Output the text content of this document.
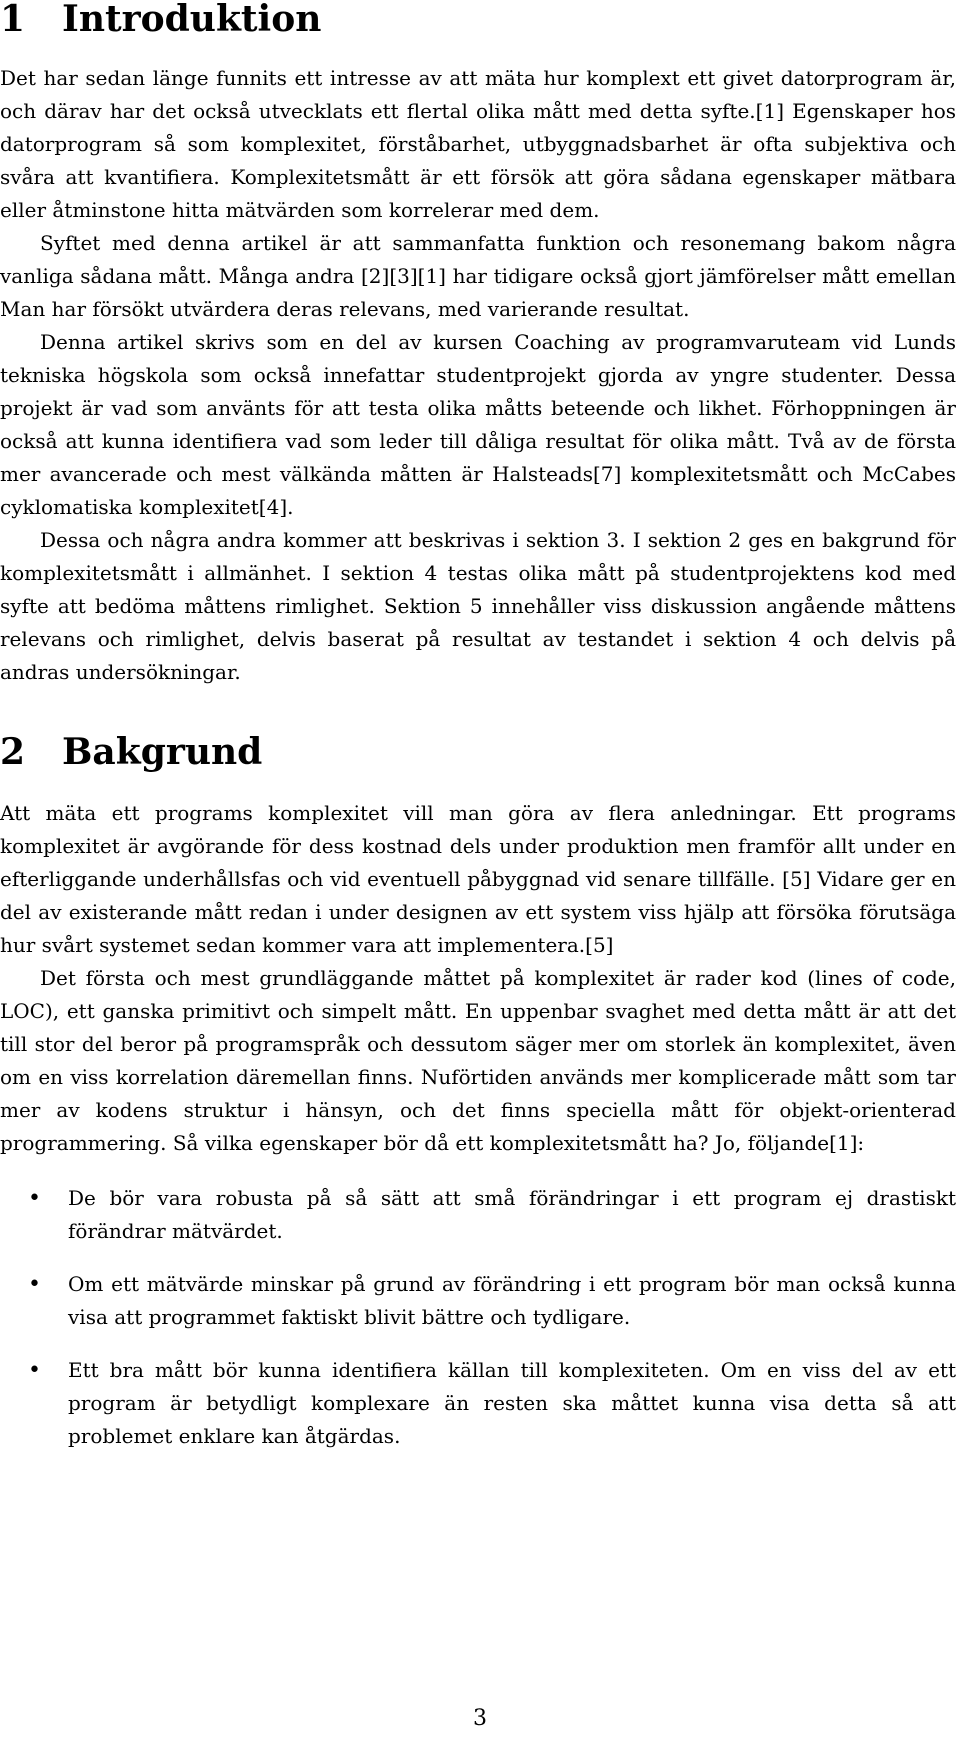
1 Introduktion

Det har sedan länge funnits ett intresse av att mäta hur komplext ett givet datorprogram är, och därav har det också utvecklats ett flertal olika mått med detta syfte.[1] Egenskaper hos datorprogram så som komplexitet, förståbarhet, utbyggnadsbarhet är ofta subjektiva och svåra att kvantifiera. Komplexitetsmått är ett försök att göra sådana egenskaper mätbara eller åtminstone hitta mätvärden som korrelerar med dem.

Syftet med denna artikel är att sammanfatta funktion och resonemang bakom några vanliga sådana mått. Många andra [2][3][1] har tidigare också gjort jämförelser mått emellan Man har försökt utvärdera deras relevans, med varierande resultat.

Denna artikel skrivs som en del av kursen Coaching av programvaruteam vid Lunds tekniska högskola som också innefattar studentprojekt gjorda av yngre studenter. Dessa projekt är vad som använts för att testa olika måtts beteende och likhet. Förhoppningen är också att kunna identifiera vad som leder till dåliga resultat för olika mått. Två av de första mer avancerade och mest välkända måtten är Halsteads[7] komplexitetsmått och McCabes cyklomatiska komplexitet[4].

Dessa och några andra kommer att beskrivas i sektion 3. I sektion 2 ges en bakgrund för komplexitetsmått i allmänhet. I sektion 4 testas olika mått på studentprojektens kod med syfte att bedöma måttens rimlighet. Sektion 5 innehåller viss diskussion angående måttens relevans och rimlighet, delvis baserat på resultat av testandet i sektion 4 och delvis på andras undersökningar.

2 Bakgrund

Att mäta ett programs komplexitet vill man göra av flera anledningar. Ett programs komplexitet är avgörande för dess kostnad dels under produktion men framför allt under en efterliggande underhållsfas och vid eventuell påbyggnad vid senare tillfälle. [5] Vidare ger en del av existerande mått redan i under designen av ett system viss hjälp att försöka förutsäga hur svårt systemet sedan kommer vara att implementera.[5]

Det första och mest grundläggande måttet på komplexitet är rader kod (lines of code, LOC), ett ganska primitivt och simpelt mått. En uppenbar svaghet med detta mått är att det till stor del beror på programspråk och dessutom säger mer om storlek än komplexitet, även om en viss korrelation däremellan finns. Nuförtiden används mer komplicerade mått som tar mer av kodens struktur i hänsyn, och det finns speciella mått för objekt-orienterad programmering. Så vilka egenskaper bör då ett komplexitetsmått ha? Jo, följande[1]:

• De bör vara robusta på så sätt att små förändringar i ett program ej drastiskt förändrar mätvärdet.
• Om ett mätvärde minskar på grund av förändring i ett program bör man också kunna visa att programmet faktiskt blivit bättre och tydligare.
• Ett bra mått bör kunna identifiera källan till komplexiteten. Om en viss del av ett program är betydligt komplexare än resten ska måttet kunna visa detta så att problemet enklare kan åtgärdas.
3
